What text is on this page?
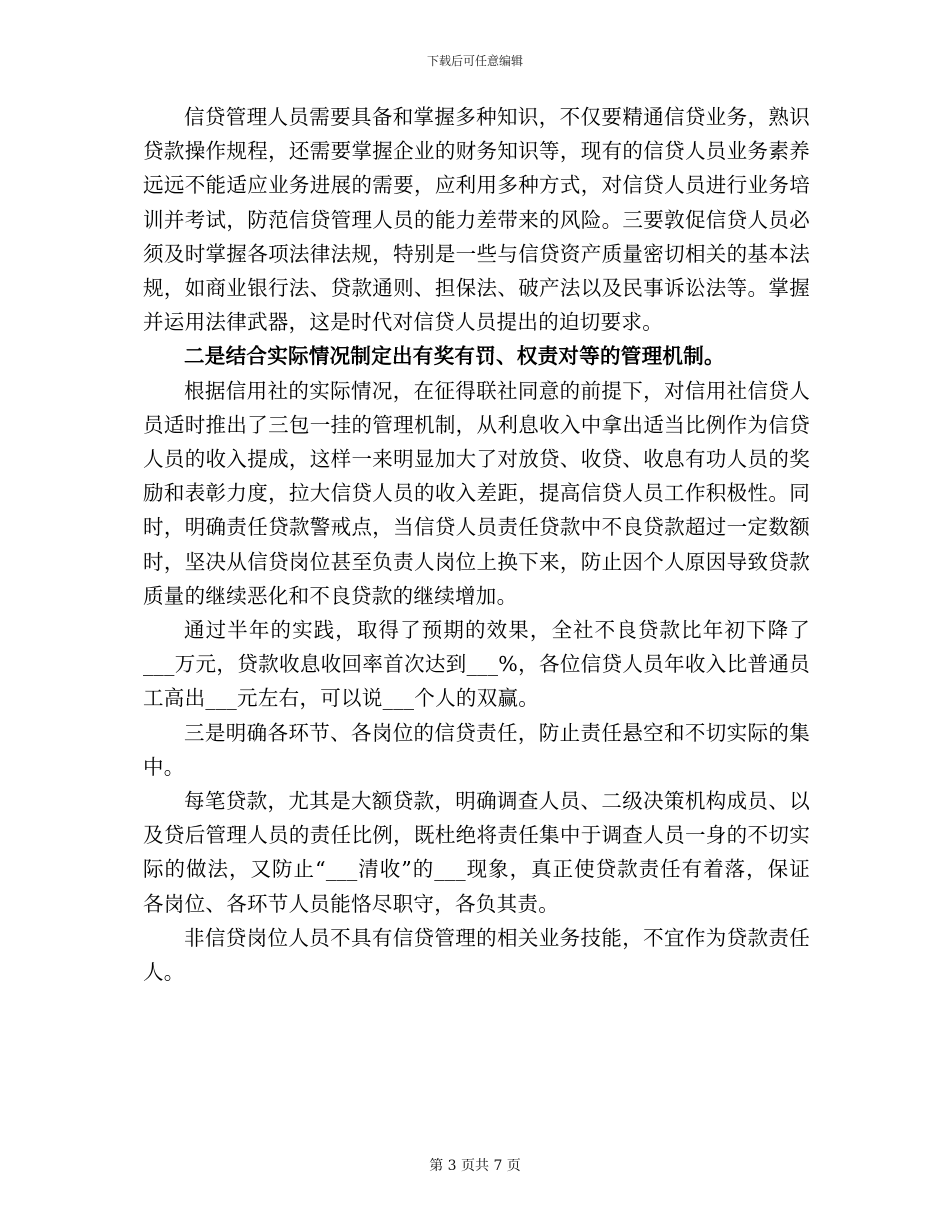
下载后可任意编辑

信贷管理人员需要具备和掌握多种知识，不仅要精通信贷业务，熟识贷款操作规程，还需要掌握企业的财务知识等，现有的信贷人员业务素养远远不能适应业务进展的需要，应利用多种方式，对信贷人员进行业务培训并考试，防范信贷管理人员的能力差带来的风险。三要敦促信贷人员必须及时掌握各项法律法规，特别是一些与信贷资产质量密切相关的基本法规，如商业银行法、贷款通则、担保法、破产法以及民事诉讼法等。掌握并运用法律武器，这是时代对信贷人员提出的迫切要求。

二是结合实际情况制定出有奖有罚、权责对等的管理机制。

根据信用社的实际情况，在征得联社同意的前提下，对信用社信贷人员适时推出了三包一挂的管理机制，从利息收入中拿出适当比例作为信贷人员的收入提成，这样一来明显加大了对放贷、收贷、收息有功人员的奖励和表彰力度，拉大信贷人员的收入差距，提高信贷人员工作积极性。同时，明确责任贷款警戒点，当信贷人员责任贷款中不良贷款超过一定数额时，坚决从信贷岗位甚至负责人岗位上换下来，防止因个人原因导致贷款质量的继续恶化和不良贷款的继续增加。

通过半年的实践，取得了预期的效果，全社不良贷款比年初下降了___万元，贷款收息收回率首次达到___%，各位信贷人员年收入比普通员工高出___元左右，可以说___个人的双赢。

三是明确各环节、各岗位的信贷责任，防止责任悬空和不切实际的集中。

每笔贷款，尤其是大额贷款，明确调查人员、二级决策机构成员、以及贷后管理人员的责任比例，既杜绝将责任集中于调查人员一身的不切实际的做法，又防止“___清收”的___现象，真正使贷款责任有着落，保证各岗位、各环节人员能恪尽职守，各负其责。

非信贷岗位人员不具有信贷管理的相关业务技能，不宜作为贷款责任人。

第 3 页共 7 页
